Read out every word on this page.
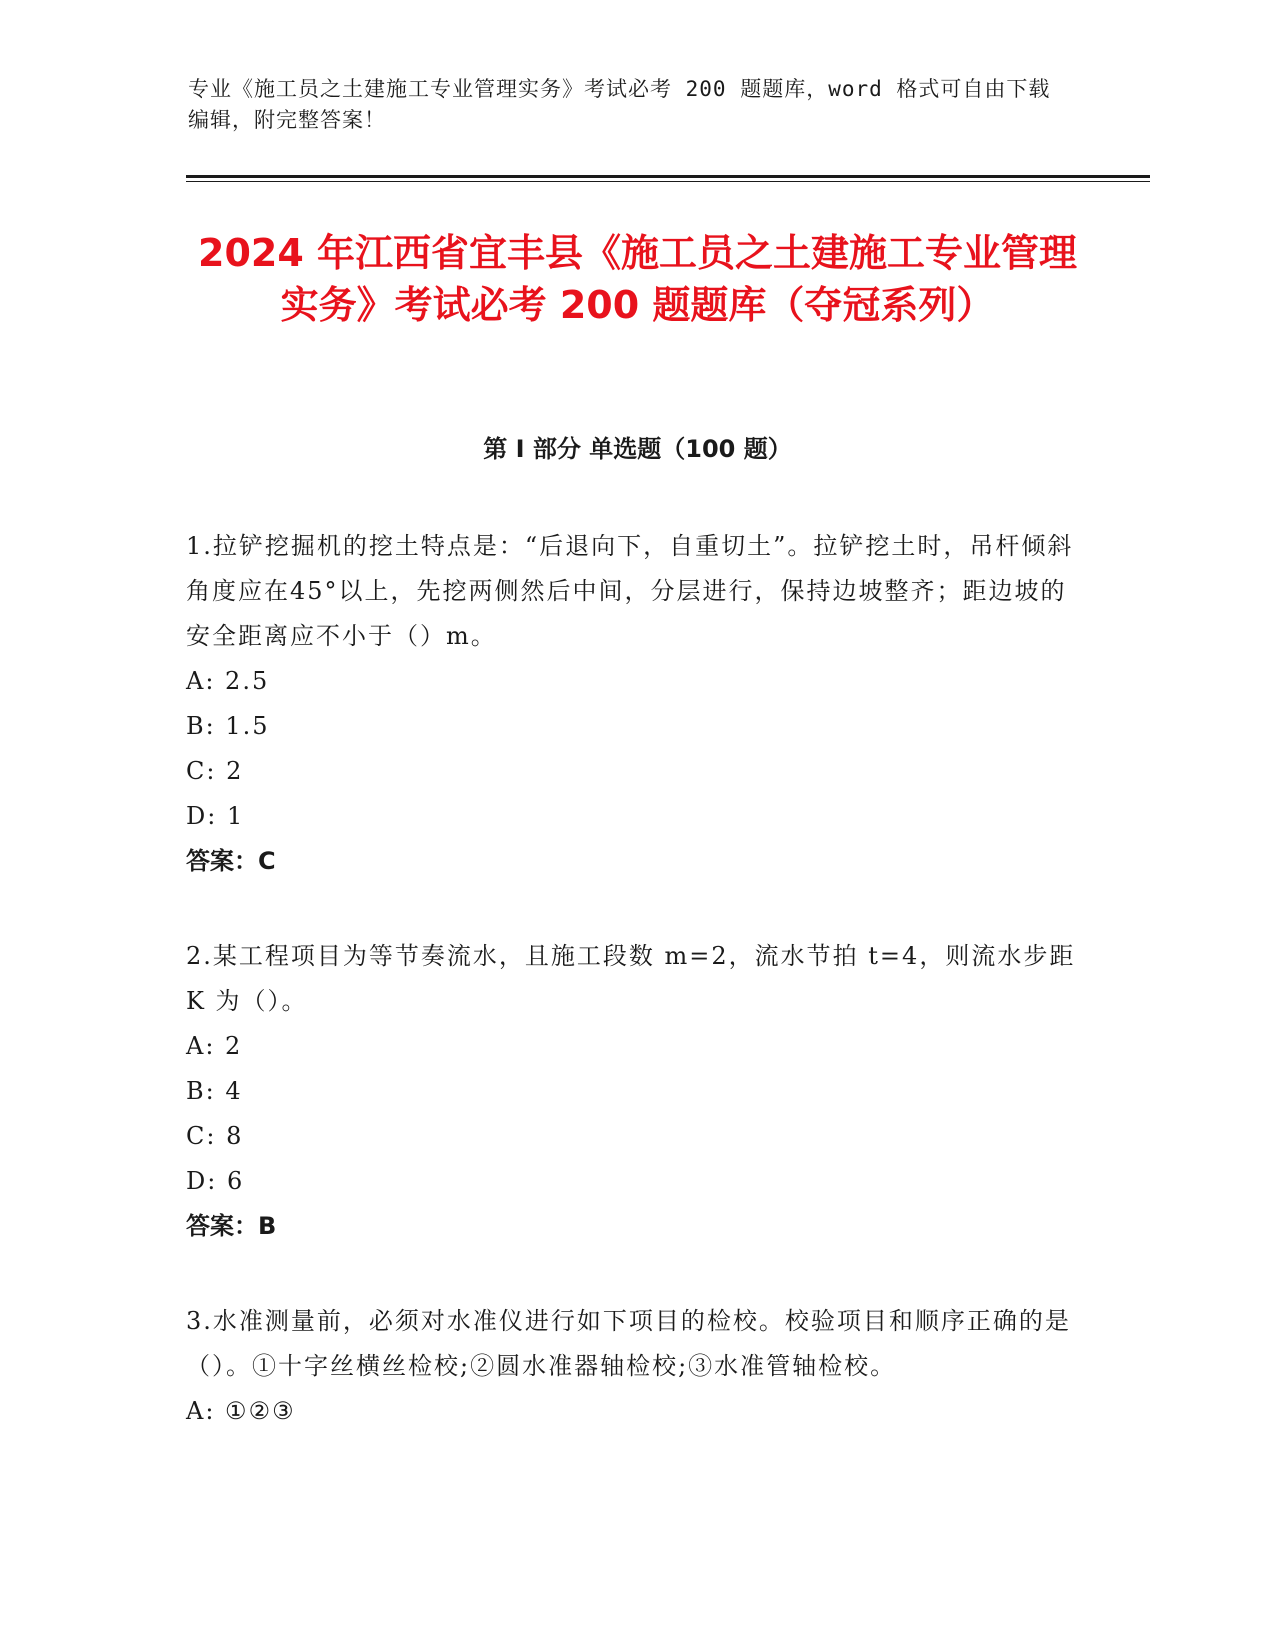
专业《施工员之土建施工专业管理实务》考试必考 200 题题库，word 格式可自由下载编辑，附完整答案！
2024 年江西省宜丰县《施工员之土建施工专业管理实务》考试必考 200 题题库（夺冠系列）
第 I 部分 单选题（100 题）

1.拉铲挖掘机的挖土特点是：“后退向下，自重切土”。拉铲挖土时，吊杆倾斜角度应在45°以上，先挖两侧然后中间，分层进行，保持边坡整齐；距边坡的安全距离应不小于（）m。

A: 2.5

B: 1.5

C: 2

D: 1

答案：C

2.某工程项目为等节奏流水，且施工段数 m=2，流水节拍 t=4，则流水步距 K 为（）。

A: 2

B: 4

C: 8

D: 6

答案：B

3.水准测量前，必须对水准仪进行如下项目的检校。校验项目和顺序正确的是（）。①十字丝横丝检校;②圆水准器轴检校;③水准管轴检校。

A: ①②③
